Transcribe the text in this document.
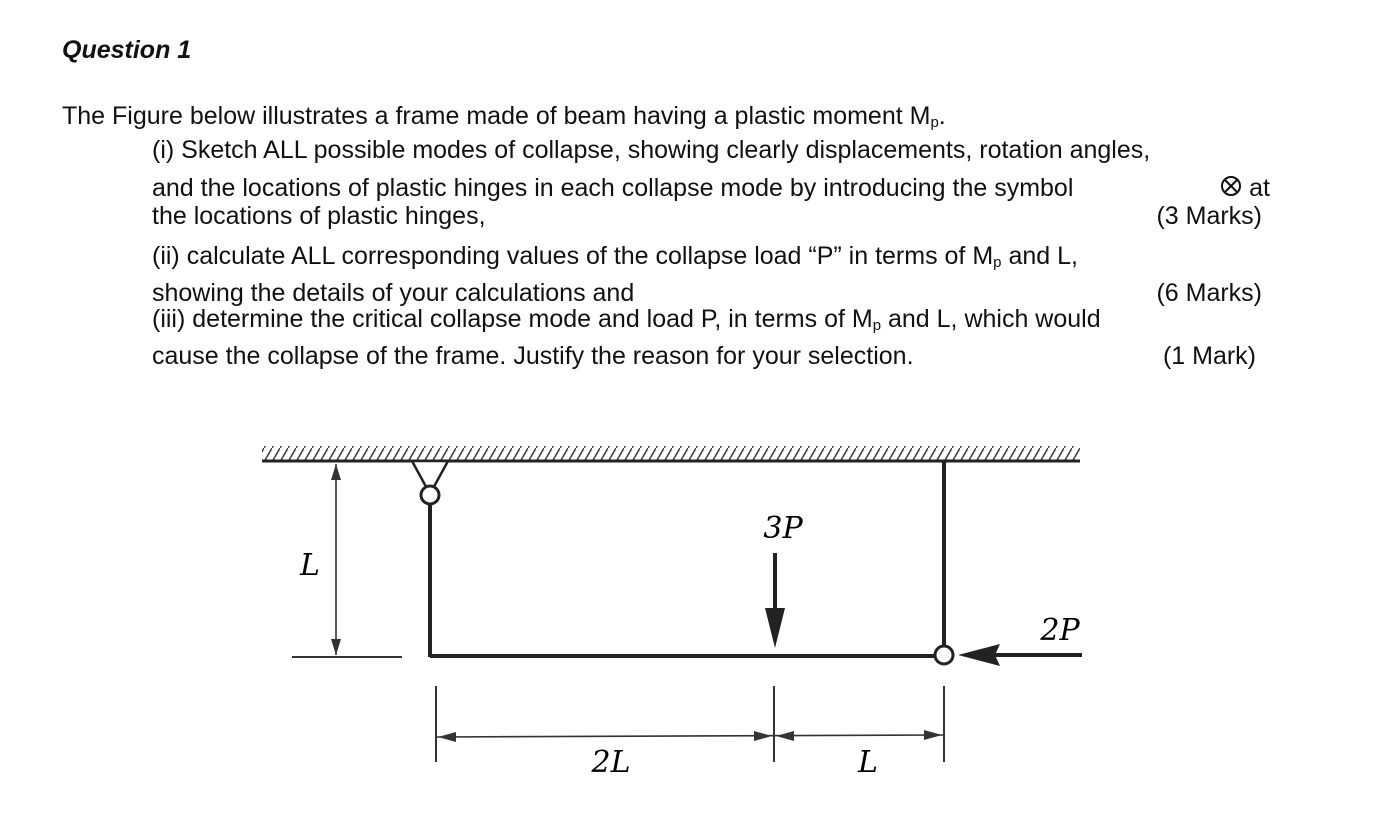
Question 1
The Figure below illustrates a frame made of beam having a plastic moment $M_p$.
(i) Sketch ALL possible modes of collapse, showing clearly displacements, rotation angles,
and the locations of plastic hinges in each collapse mode by introducing the symbol	at
the locations of plastic hinges,	(3 Marks)
(ii) calculate ALL corresponding values of the collapse load “P” in terms of $M_p$ and L,
showing the details of your calculations and	(6 Marks)
(iii) determine the critical collapse mode and load P, in terms of $M_p$ and L, which would
cause the collapse of the frame. Justify the reason for your selection.	(1 Mark)
3P
2P
L
2L	L
